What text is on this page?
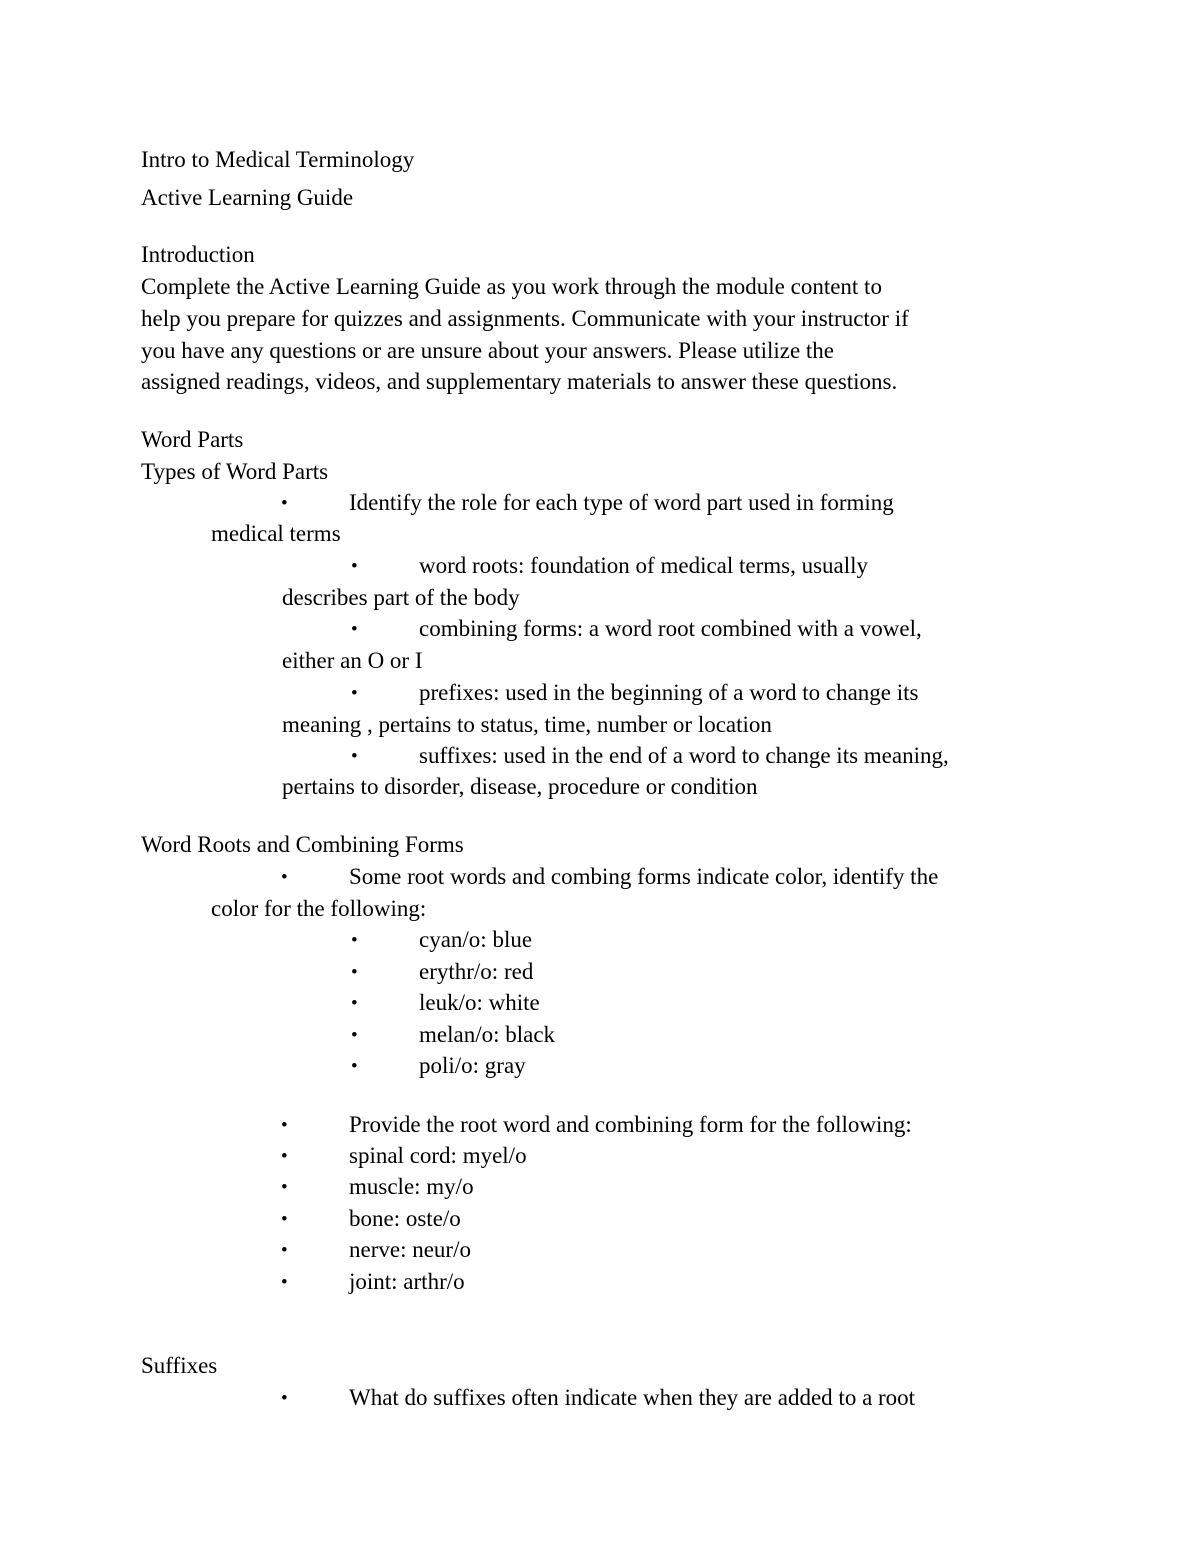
Intro to Medical Terminology
Active Learning Guide
Introduction
Complete the Active Learning Guide as you work through the module content to
help you prepare for quizzes and assignments. Communicate with your instructor if
you have any questions or are unsure about your answers. Please utilize the
assigned readings, videos, and supplementary materials to answer these questions.
Word Parts
Types of Word Parts
•	Identify the role for each type of word part used in forming
medical terms
•	word roots: foundation of medical terms, usually
describes part of the body
•	combining forms: a word root combined with a vowel,
either an O or I
•	prefixes: used in the beginning of a word to change its
meaning , pertains to status, time, number or location
•	suffixes: used in the end of a word to change its meaning,
pertains to disorder, disease, procedure or condition
Word Roots and Combining Forms
•	Some root words and combing forms indicate color, identify the
color for the following:
•	cyan/o: blue
•	erythr/o: red
•	leuk/o: white
•	melan/o: black
•	poli/o: gray
•	Provide the root word and combining form for the following:
•	spinal cord: myel/o
•	muscle: my/o
•	bone: oste/o
•	nerve: neur/o
•	joint: arthr/o
Suffixes
•	What do suffixes often indicate when they are added to a root
